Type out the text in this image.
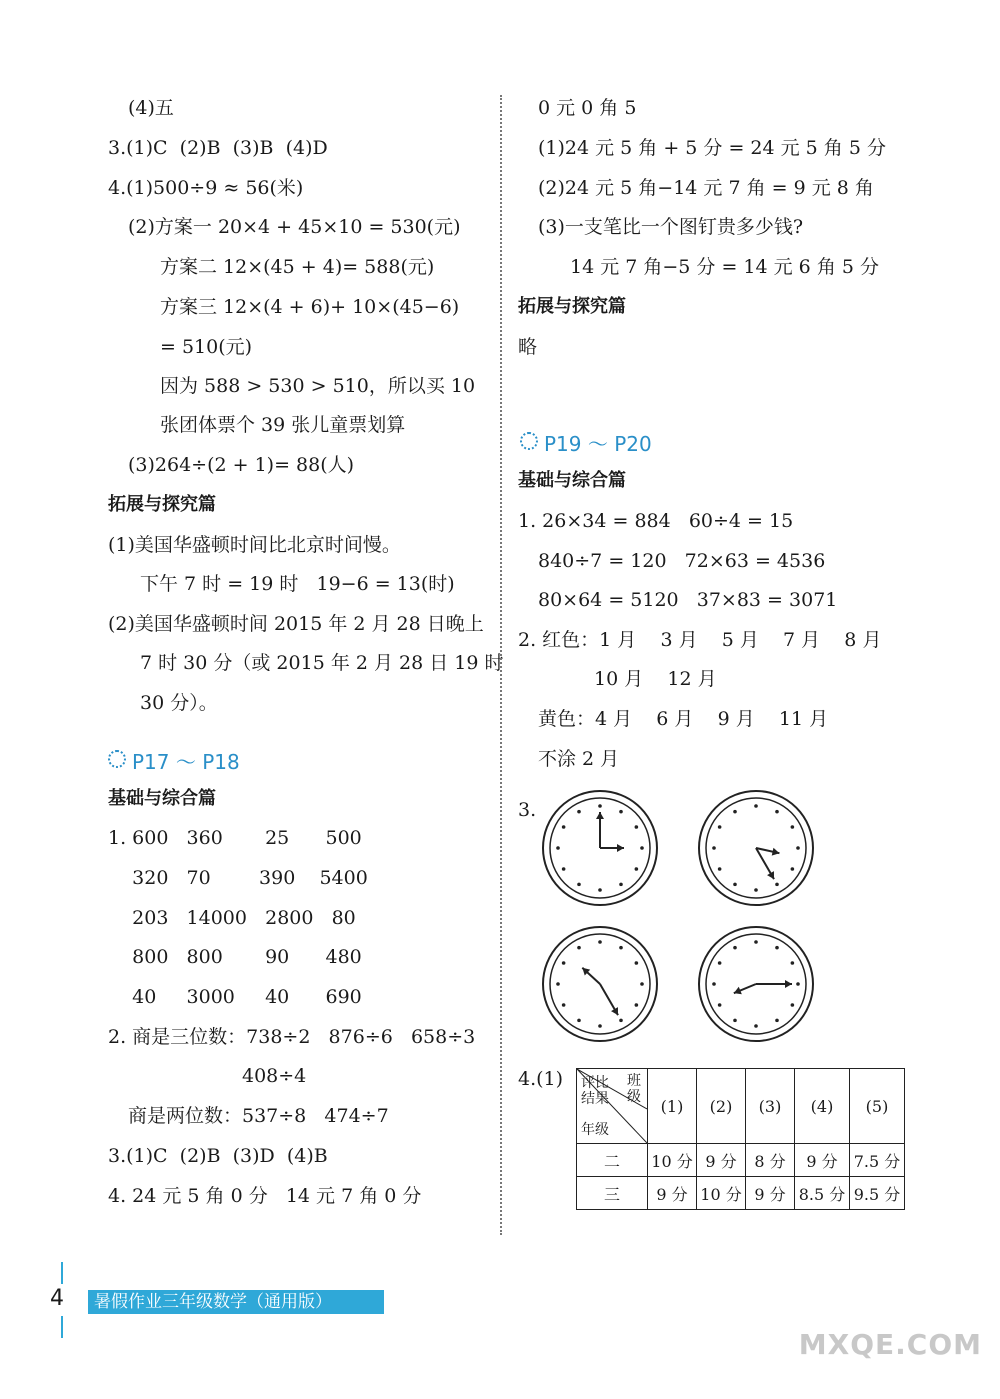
(4)五
3.(1)C  (2)B  (3)B  (4)D
4.(1)500÷9 ≈ 56(米)
(2)方案一 20×4 + 45×10 = 530(元)
方案二 12×(45 + 4)= 588(元)
方案三 12×(4 + 6)+ 10×(45−6)
= 510(元)
因为 588 > 530 > 510，所以买 10
张团体票个 39 张儿童票划算
(3)264÷(2 + 1)= 88(人)
拓展与探究篇
(1)美国华盛顿时间比北京时间慢。
下午 7 时 = 19 时   19−6 = 13(时)
(2)美国华盛顿时间 2015 年 2 月 28 日晚上
7 时 30 分（或 2015 年 2 月 28 日 19 时
30 分）。
P17 ～ P18
基础与综合篇
1. 600   360       25      500
320   70        390    5400
203   14000   2800   80
800   800       90      480
40     3000     40      690
2. 商是三位数：738÷2   876÷6   658÷3
408÷4
商是两位数：537÷8   474÷7
3.(1)C  (2)B  (3)D  (4)B
4. 24 元 5 角 0 分   14 元 7 角 0 分
0 元 0 角 5
(1)24 元 5 角 + 5 分 = 24 元 5 角 5 分
(2)24 元 5 角−14 元 7 角 = 9 元 8 角
(3)一支笔比一个图钉贵多少钱?
14 元 7 角−5 分 = 14 元 6 角 5 分
拓展与探究篇
略
P19 ～ P20
基础与综合篇
1. 26×34 = 884   60÷4 = 15
840÷7 = 120   72×63 = 4536
80×64 = 5120   37×83 = 3071
2. 红色：1 月    3 月    5 月    7 月    8 月
10 月    12 月
黄色：4 月    6 月    9 月    11 月
不涂 2 月
3.
4.(1)	班级
评比结果
年级	(1)	(2)	(3)	(4)	(5)
二	10 分	9 分	8 分	9 分	7.5 分
三	9 分	10 分	9 分	8.5 分	9.5 分
4	暑假作业三年级数学（通用版）
MXQE.COM
